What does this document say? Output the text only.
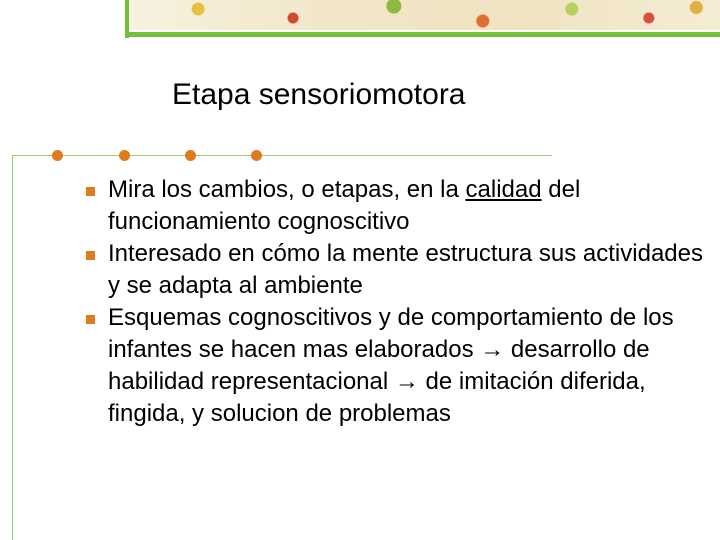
Etapa sensoriomotora
Mira los cambios, o etapas, en la calidad del funcionamiento cognoscitivo
Interesado en cómo la mente estructura sus actividades y se adapta al ambiente
Esquemas cognoscitivos y de comportamiento de los infantes se hacen mas elaborados → desarrollo de habilidad representacional → de imitación diferida, fingida, y solucion de problemas
